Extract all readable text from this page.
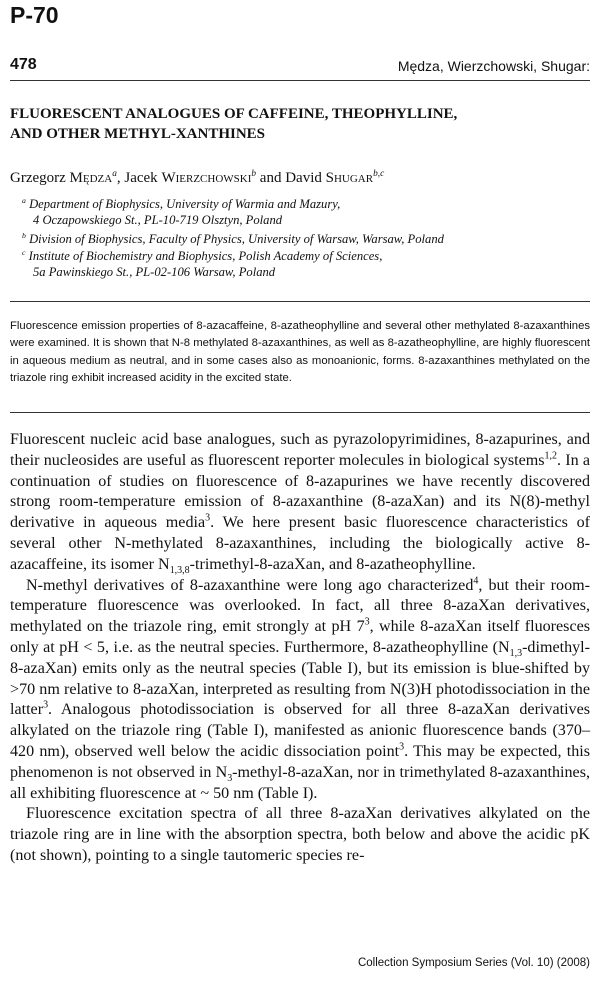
P-70
478	Mędza, Wierzchowski, Shugar:
FLUORESCENT ANALOGUES OF CAFFEINE, THEOPHYLLINE,
AND OTHER METHYL-XANTHINES
Grzegorz Mędza$^a$, Jacek Wierzchowski$^b$ and David Shugar$^{b,c}$
$^a$ Department of Biophysics, University of Warmia and Mazury,
4 Oczapowskiego St., PL-10-719 Olsztyn, Poland
$^b$ Division of Biophysics, Faculty of Physics, University of Warsaw, Warsaw, Poland
$^c$ Institute of Biochemistry and Biophysics, Polish Academy of Sciences,
5a Pawinskiego St., PL-02-106 Warsaw, Poland
Fluorescence emission properties of 8-azacaffeine, 8-azatheophylline and several other methylated 8-azaxanthines were examined. It is shown that N-8 methylated 8-azaxanthines, as well as 8-azatheophylline, are highly fluorescent in aqueous medium as neutral, and in some cases also as monoanionic, forms. 8-azaxanthines methylated on the triazole ring exhibit increased acidity in the excited state.

Fluorescent nucleic acid base analogues, such as pyrazolopyrimidines, 8-azapurines, and their nucleosides are useful as fluorescent reporter molecules in biological systems$^{1,2}$. In a continuation of studies on fluorescence of 8-azapurines we have recently discovered strong room-temperature emission of 8-azaxanthine (8-azaXan) and its N(8)-methyl derivative in aqueous media$^3$. We here present basic fluorescence characteristics of several other N-methylated 8-azaxanthines, including the biologically active 8-azacaffeine, its isomer $N_{1,3,8}-trimethyl-8$-azaXan, and 8-azatheophylline.

N-methyl derivatives of 8-azaxanthine were long ago characterized$^4$, but their room-temperature fluorescence was overlooked. In fact, all three 8-azaXan derivatives, methylated on the triazole ring, emit strongly at pH $7^3$, while 8-azaXan itself fluoresces only at pH < 5, i.e. as the neutral species. Furthermore, 8-azatheophylline $(N_{1,3}-dimethyl-8-azaXan)$ emits only as the neutral species (Table I), but its emission is blue-shifted by >70 nm relative to 8-azaXan, interpreted as resulting from N(3)H photodissociation in the latter$^3$. Analogous photodissociation is observed for all three 8-azaXan derivatives alkylated on the triazole ring (Table I), manifested as anionic fluorescence bands (370–420 nm), observed well below the acidic dissociation point$^3$. This may be expected, this phenomenon is not observed in $N_3-methyl-8$-azaXan, nor in trimethylated 8-azaxanthines, all exhibiting fluorescence at ~ 50 nm (Table I).

Fluorescence excitation spectra of all three 8-azaXan derivatives alkylated on the triazole ring are in line with the absorption spectra, both below and above the acidic pK (not shown), pointing to a single tautomeric species re-

Collection Symposium Series (Vol. 10) (2008)
